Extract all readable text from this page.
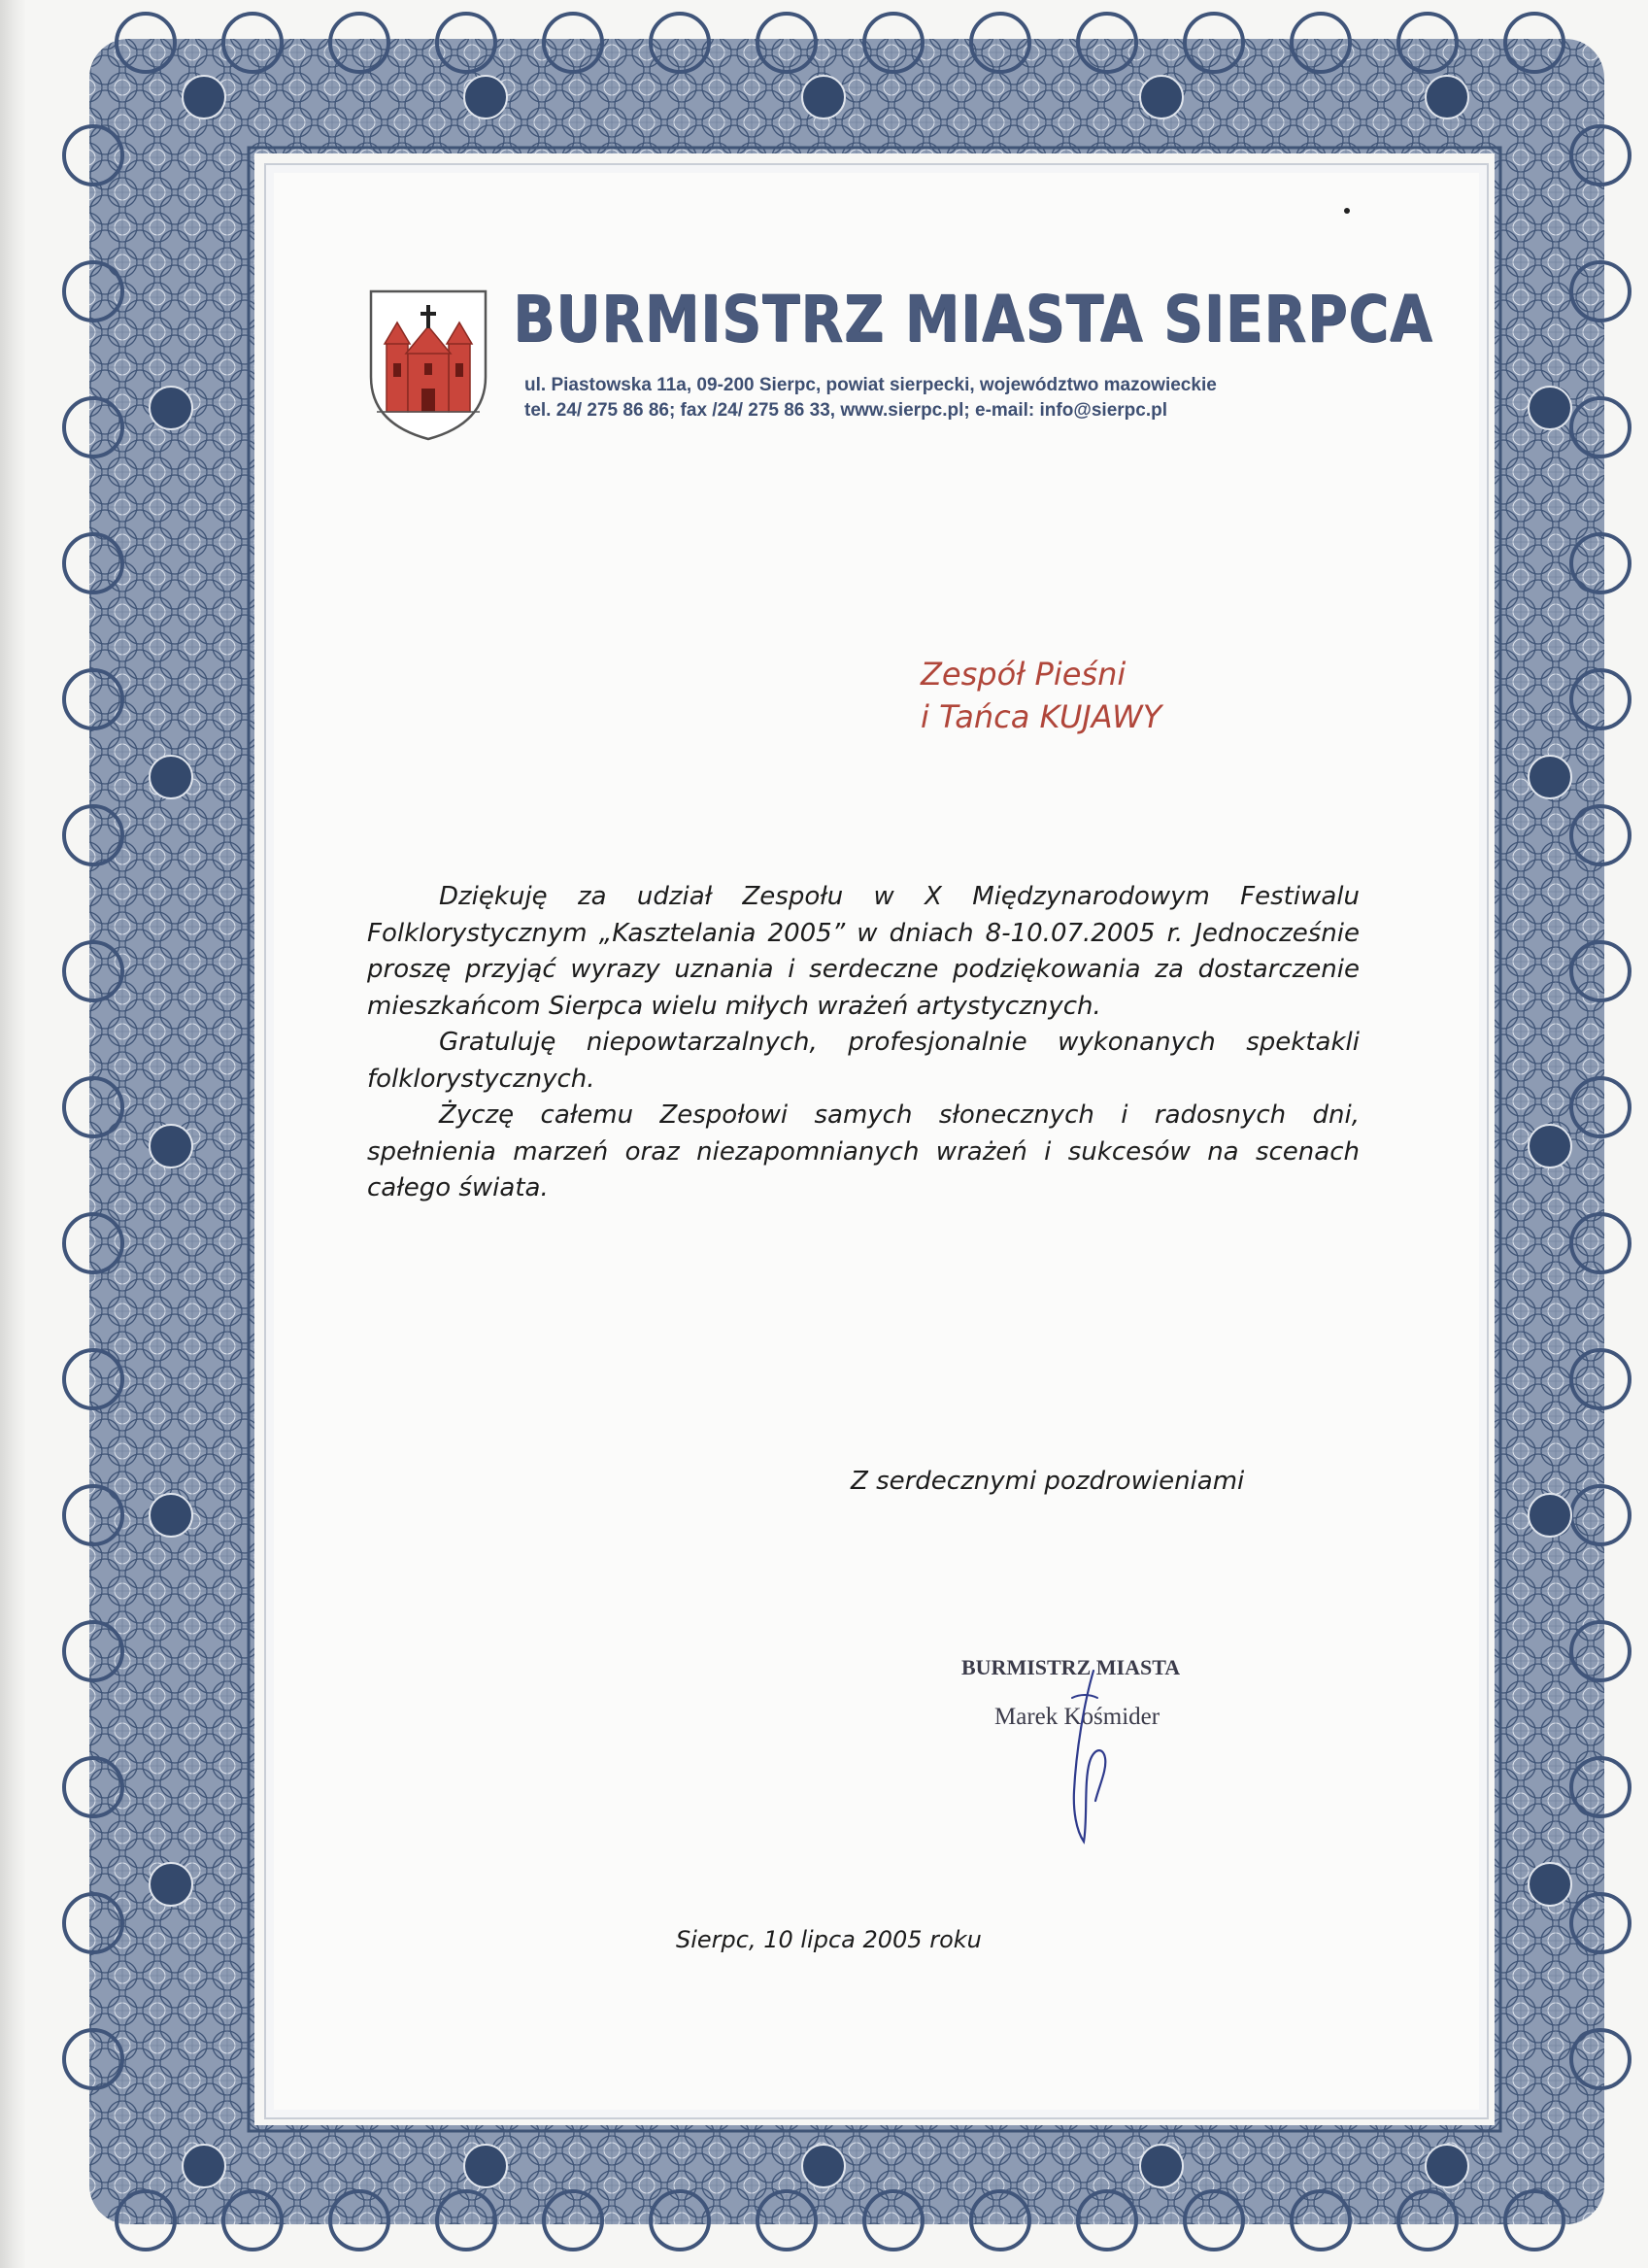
BURMISTRZ MIASTA SIERPCA
ul. Piastowska 11a, 09-200 Sierpc, powiat sierpecki, województwo mazowieckie
tel. 24/ 275 86 86; fax /24/ 275 86 33, www.sierpc.pl; e-mail: info@sierpc.pl
Zespół Pieśni
i Tańca KUJAWY

Dziękuję za udział Zespołu w X Międzynarodowym Festiwalu Folklorystycznym „Kasztelania 2005” w dniach 8-10.07.2005 r. Jednocześnie proszę przyjąć wyrazy uznania i serdeczne podziękowania za dostarczenie mieszkańcom Sierpca wielu miłych wrażeń artystycznych.

Gratuluję niepowtarzalnych, profesjonalnie wykonanych spektakli folklorystycznych.

Życzę całemu Zespołowi samych słonecznych i radosnych dni, spełnienia marzeń oraz niezapomnianych wrażeń i sukcesów na scenach całego świata.

Z serdecznymi pozdrowieniami
BURMISTRZ MIASTA
Marek Kośmider
Sierpc, 10 lipca 2005 roku
